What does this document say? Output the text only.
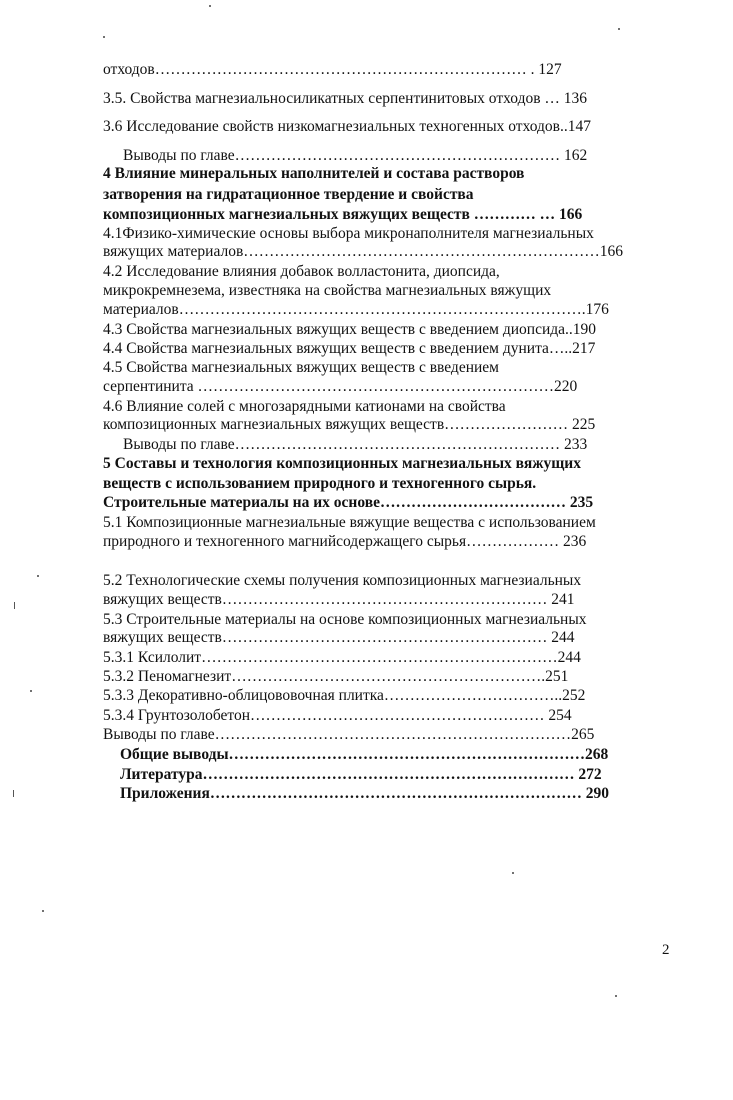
отходов……………………………………………………………… . 127
3.5. Свойства магнезиальносиликатных серпентинитовых отходов … 136
3.6 Исследование свойств низкомагнезиальных техногенных отходов..147
Выводы по главе……………………………………………………… 162
4 Влияние минеральных наполнителей и состава растворов
затворения на гидратационное твердение и свойства
композиционных магнезиальных вяжущих веществ ………… … 166
4.1Физико-химические основы выбора микронаполнителя магнезиальных
вяжущих материалов……………………………………………………………166
4.2 Исследование влияния добавок волластонита, диопсида,
микрокремнезема, известняка на свойства магнезиальных вяжущих
материалов…………………………………………………………………….176
4.3 Свойства магнезиальных вяжущих веществ с введением диопсида..190
4.4 Свойства магнезиальных вяжущих веществ с введением дунита…..217
4.5 Свойства магнезиальных вяжущих веществ с введением
серпентинита ……………………………………………………………220
4.6 Влияние солей с многозарядными катионами на свойства
композиционных магнезиальных вяжущих веществ…………………… 225
Выводы по главе……………………………………………………… 233
5 Составы и технология композиционных магнезиальных вяжущих
веществ с использованием природного и техногенного сырья.
Строительные материалы на их основе……………………………… 235
5.1 Композиционные магнезиальные вяжущие вещества с использованием
природного и техногенного магнийсодержащего сырья……………… 236
5.2 Технологические схемы получения композиционных магнезиальных
вяжущих веществ……………………………………………………… 241
5.3 Строительные материалы на основе композиционных магнезиальных
вяжущих веществ……………………………………………………… 244
5.3.1 Ксилолит……………………………………………………………244
5.3.2 Пеномагнезит…………………………………………………….251
5.3.3 Декоративно-облицововочная плитка……………………………..252
5.3.4 Грунтозолобетон………………………………………………… 254
Выводы по главе……………………………………………………………265
Общие выводы……………………………………………………………268
Литература……………………………………………………………… 272
Приложения……………………………………………………………… 290
2
